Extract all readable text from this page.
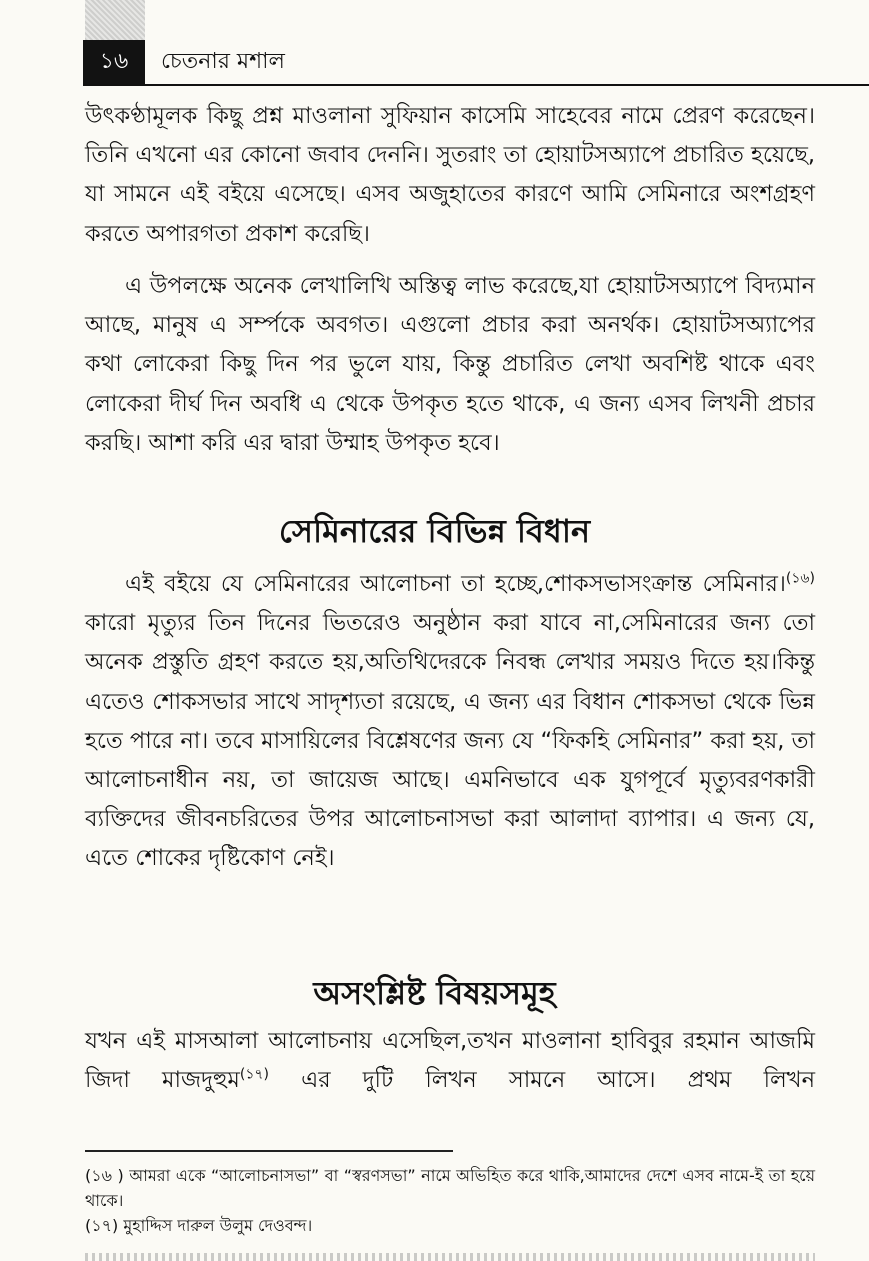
১৬	চেতনার মশাল

উৎকণ্ঠামূলক কিছু প্রশ্ন মাওলানা সুফিয়ান কাসেমি সাহেবের নামে প্রেরণ করেছেন। তিনি এখনো এর কোনো জবাব দেননি। সুতরাং তা হোয়াটসঅ্যাপে প্রচারিত হয়েছে, যা সামনে এই বইয়ে এসেছে। এসব অজুহাতের কারণে আমি সেমিনারে অংশগ্রহণ করতে অপারগতা প্রকাশ করেছি।

এ উপলক্ষে অনেক লেখালিখি অস্তিত্ব লাভ করেছে,যা হোয়াটসঅ্যাপে বিদ্যমান আছে, মানুষ এ সর্ম্পকে অবগত। এগুলো প্রচার করা অনর্থক। হোয়াটসঅ্যাপের কথা লোকেরা কিছু দিন পর ভুলে যায়, কিন্তু প্রচারিত লেখা অবশিষ্ট থাকে এবং লোকেরা দীর্ঘ দিন অবধি এ থেকে উপকৃত হতে থাকে, এ জন্য এসব লিখনী প্রচার করছি। আশা করি এর দ্বারা উম্মাহ উপকৃত হবে।

সেমিনারের বিভিন্ন বিধান

এই বইয়ে যে সেমিনারের আলোচনা তা হচ্ছে,শোকসভাসংক্রান্ত সেমিনার।$^{(১৬)}$ কারো মৃত্যুর তিন দিনের ভিতরেও অনুষ্ঠান করা যাবে না,সেমিনারের জন্য তো অনেক প্রস্তুতি গ্রহণ করতে হয়,অতিথিদেরকে নিবন্ধ লেখার সময়ও দিতে হয়।কিন্তু এতেও শোকসভার সাথে সাদৃশ্যতা রয়েছে, এ জন্য এর বিধান শোকসভা থেকে ভিন্ন হতে পারে না। তবে মাসায়িলের বিশ্লেষণের জন্য যে “ফিকহি সেমিনার” করা হয়, তা আলোচনাধীন নয়, তা জায়েজ আছে। এমনিভাবে এক যুগপূর্বে মৃত্যুবরণকারী ব্যক্তিদের জীবনচরিতের উপর আলোচনাসভা করা আলাদা ব্যাপার। এ জন্য যে, এতে শোকের দৃষ্টিকোণ নেই।

অসংশ্লিষ্ট বিষয়সমূহ

যখন এই মাসআলা আলোচনায় এসেছিল,তখন মাওলানা হাবিবুর রহমান আজমি জিদা মাজদুহুম$^{(১৭)}$ এর দুটি লিখন সামনে আসে। প্রথম লিখন

(১৬ ) আমরা একে “আলোচনাসভা” বা “স্বরণসভা” নামে অভিহিত করে থাকি,আমাদের দেশে এসব নামে-ই তা হয়ে থাকে।

(১৭) মুহাদ্দিস দারুল উলুম দেওবন্দ।
